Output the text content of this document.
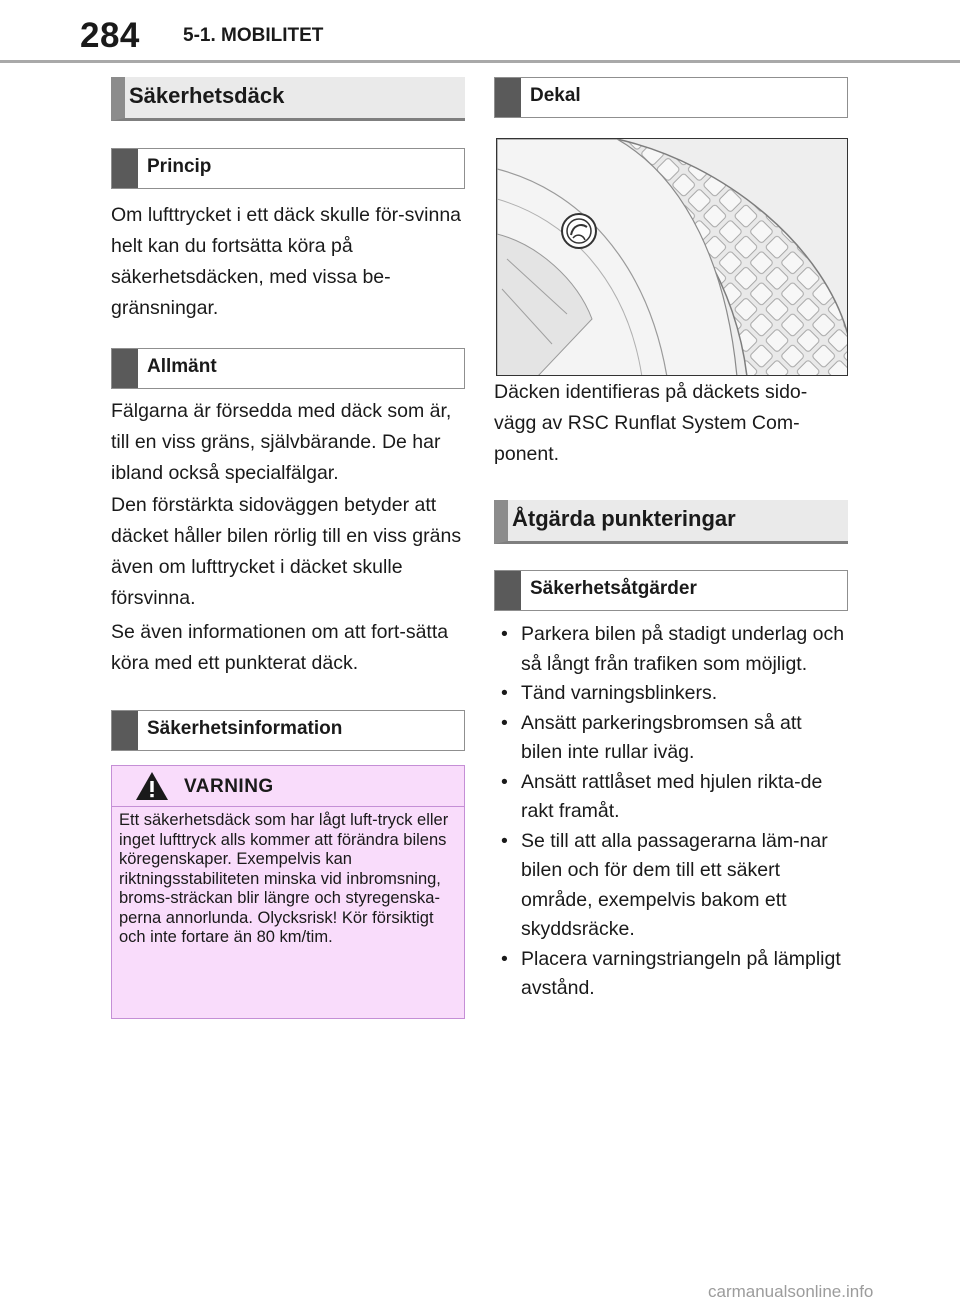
284 5-1. MOBILITET
Säkerhetsdäck
Princip

Om lufttrycket i ett däck skulle för-svinna helt kan du fortsätta köra på säkerhetsdäcken, med vissa be-gränsningar.

Allmänt

Fälgarna är försedda med däck som är, till en viss gräns, självbärande. De har ibland också specialfälgar.

Den förstärkta sidoväggen betyder att däcket håller bilen rörlig till en viss gräns även om lufttrycket i däcket skulle försvinna.

Se även informationen om att fort-sätta köra med ett punkterat däck.

Säkerhetsinformation
VARNING

Ett säkerhetsdäck som har lågt luft-tryck eller inget lufttryck alls kommer att förändra bilens köregenskaper. Exempelvis kan riktningsstabiliteten minska vid inbromsning, broms-sträckan blir längre och styregenska-perna annorlunda. Olycksrisk! Kör försiktigt och inte fortare än 80 km/tim.

Dekal

Däcken identifieras på däckets sido-vägg av RSC Runflat System Com-ponent.

Åtgärda punkteringar
Säkerhetsåtgärder
• Parkera bilen på stadigt underlag och så långt från trafiken som möjligt.
• Tänd varningsblinkers.
• Ansätt parkeringsbromsen så att bilen inte rullar iväg.
• Ansätt rattlåset med hjulen rikta-de rakt framåt.
• Se till att alla passagerarna läm-nar bilen och för dem till ett säkert område, exempelvis bakom ett skyddsräcke.
• Placera varningstriangeln på lämpligt avstånd.
carmanualsonline.info
